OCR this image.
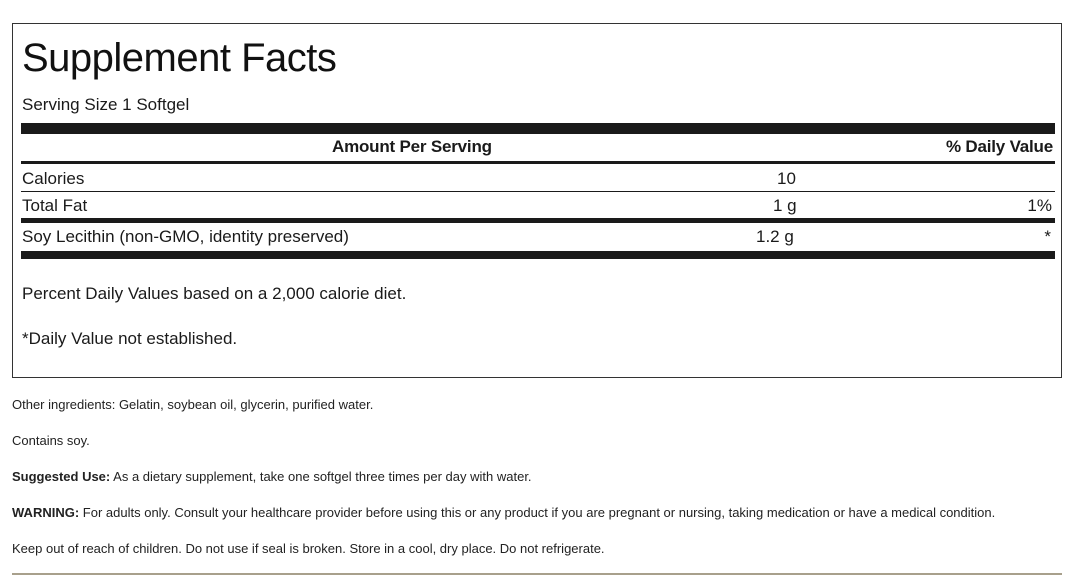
Supplement Facts
Serving Size 1 Softgel
Amount Per Serving	% Daily Value
Calories	10
Total Fat	1 g	1%
Soy Lecithin (non-GMO, identity preserved)	1.2 g	*
Percent Daily Values based on a 2,000 calorie diet.
*Daily Value not established.
Other ingredients: Gelatin, soybean oil, glycerin, purified water.
Contains soy.
Suggested Use: As a dietary supplement, take one softgel three times per day with water.
WARNING: For adults only. Consult your healthcare provider before using this or any product if you are pregnant or nursing, taking medication or have a medical condition.
Keep out of reach of children. Do not use if seal is broken. Store in a cool, dry place. Do not refrigerate.
